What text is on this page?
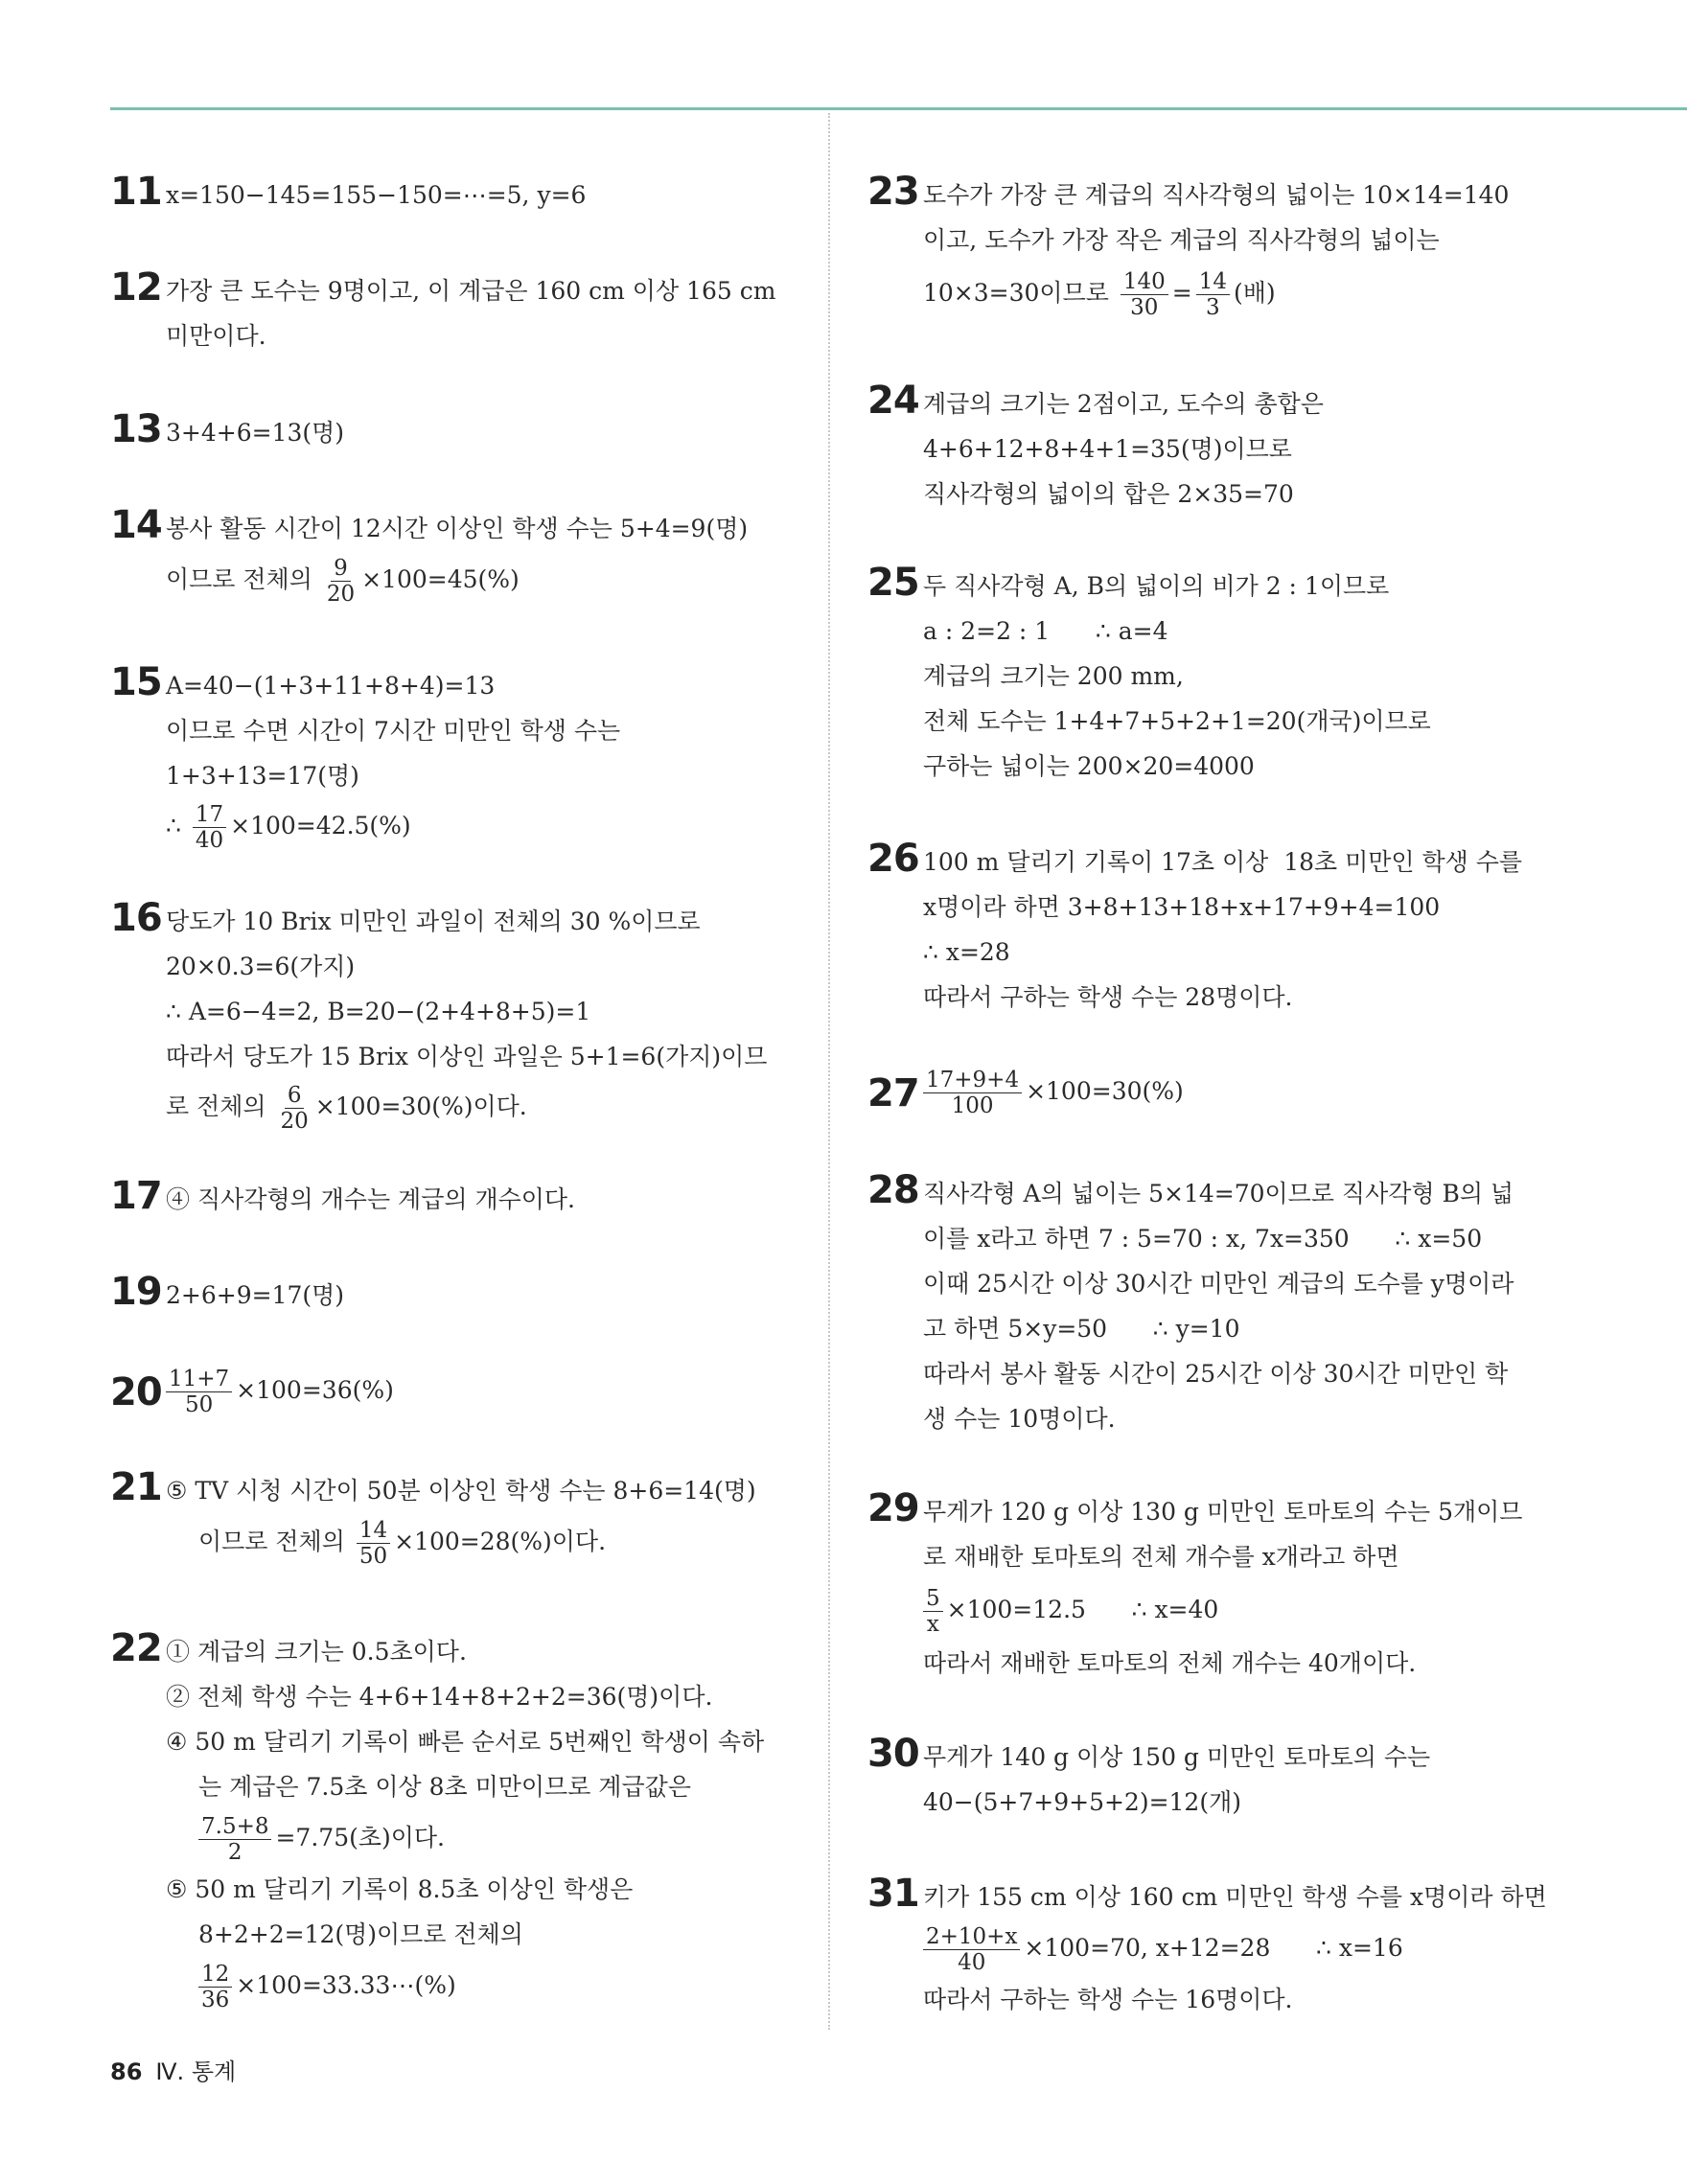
11 x=150−145=155−150=⋯=5, y=6
12 가장 큰 도수는 9명이고, 이 계급은 160 cm 이상 165 cm
미만이다.
13 3+4+6=13(명)
14 봉사 활동 시간이 12시간 이상인 학생 수는 5+4=9(명)
이므로 전체의 $\frac{9}{20} \times 100=45(\%)$
15 A=40−(1+3+11+8+4)=13
이므로 수면 시간이 7시간 미만인 학생 수는
1+3+13=17(명)
∴ $\frac{17}{40} \times 100=42.5(\%)$
16 당도가 10 Brix 미만인 과일이 전체의 30 %이므로
20×0.3=6(가지)
∴ A=6−4=2, B=20−(2+4+8+5)=1
따라서 당도가 15 Brix 이상인 과일은 5+1=6(가지)이므
로 전체의 $\frac{6}{20} \times 100=30(\%)$이다.
17 ④ 직사각형의 개수는 계급의 개수이다.
19 2+6+9=17(명)
$20 \frac{11+7}{50} \times 100=36(\%)$
21 ⑤ TV 시청 시간이 50분 이상인 학생 수는 8+6=14(명)
이므로 전체의 $\frac{14}{50} \times 100=28(\%)$이다.
22 ① 계급의 크기는 0.5초이다.
② 전체 학생 수는 4+6+14+8+2+2=36(명)이다.
④ 50 m 달리기 기록이 빠른 순서로 5번째인 학생이 속하
는 계급은 7.5초 이상 8초 미만이므로 계급값은
$\frac{7.5+8}{2} =7.75$(초)이다.
⑤ 50 m 달리기 기록이 8.5초 이상인 학생은
8+2+2=12(명)이므로 전체의
$\frac{12}{36}$ ×100=33.33⋯(%)
23 도수가 가장 큰 계급의 직사각형의 넓이는 10×14=140
이고, 도수가 가장 작은 계급의 직사각형의 넓이는
10×3=30이므로 $\frac{140}{30} = \frac{14}{3}$ (배)
24 계급의 크기는 2점이고, 도수의 총합은
4+6+12+8+4+1=35(명)이므로
직사각형의 넓이의 합은 2×35=70
25 두 직사각형 A, B의 넓이의 비가 2 : 1이므로
a : 2=2 : 1      ∴ a=4
계급의 크기는 200 mm,
전체 도수는 1+4+7+5+2+1=20(개국)이므로
구하는 넓이는 200×20=4000
26 100 m 달리기 기록이 17초 이상  18초 미만인 학생 수를
x명이라 하면 3+8+13+18+x+17+9+4=100
∴ x=28
따라서 구하는 학생 수는 28명이다.
$27 \frac{17+9+4}{100} \times 100=30(\%)$
28 직사각형 A의 넓이는 5×14=70이므로 직사각형 B의 넓
이를 x라고 하면 7 : 5=70 : x, 7x=350      ∴ x=50
이때 25시간 이상 30시간 미만인 계급의 도수를 y명이라
고 하면 5×y=50      ∴ y=10
따라서 봉사 활동 시간이 25시간 이상 30시간 미만인 학
생 수는 10명이다.
29 무게가 120 g 이상 130 g 미만인 토마토의 수는 5개이므
로 재배한 토마토의 전체 개수를 x개라고 하면
$\frac{5}{x} \times 100=12.5$      ∴ x=40
따라서 재배한 토마토의 전체 개수는 40개이다.
30 무게가 140 g 이상 150 g 미만인 토마토의 수는
40−(5+7+9+5+2)=12(개)
31 키가 155 cm 이상 160 cm 미만인 학생 수를 x명이라 하면
$\frac{2+10+x}{40} \times 100=70$, x+12=28      ∴ x=16
따라서 구하는 학생 수는 16명이다.
86 Ⅳ. 통계
